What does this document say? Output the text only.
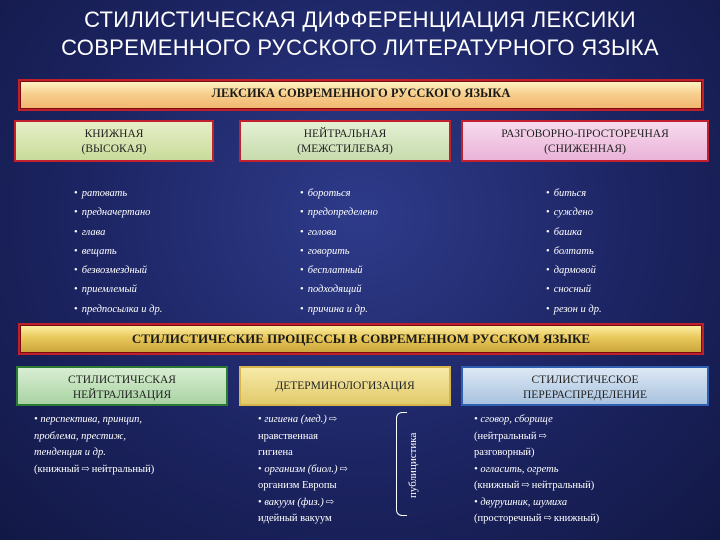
СТИЛИСТИЧЕСКАЯ ДИФФЕРЕНЦИАЦИЯ ЛЕКСИКИ
СОВРЕМЕННОГО РУССКОГО ЛИТЕРАТУРНОГО ЯЗЫКА
ЛЕКСИКА СОВРЕМЕННОГО РУССКОГО ЯЗЫКА
КНИЖНАЯ
(ВЫСОКАЯ)
НЕЙТРАЛЬНАЯ
(МЕЖСТИЛЕВАЯ)
РАЗГОВОРНО-ПРОСТОРЕЧНАЯ
(СНИЖЕННАЯ)
• ратовать
• предначертано
• глава
• вещать
• безвозмездный
• приемлемый
• предпосылка и др.
• бороться
• предопределено
• голова
• говорить
• бесплатный
• подходящий
• причина и др.
• биться
• суждено
• башка
• болтать
• дармовой
• сносный
• резон и др.
СТИЛИСТИЧЕСКИЕ ПРОЦЕССЫ В СОВРЕМЕННОМ РУССКОМ ЯЗЫКЕ
СТИЛИСТИЧЕСКАЯ
НЕЙТРАЛИЗАЦИЯ
ДЕТЕРМИНОЛОГИЗАЦИЯ	СТИЛИСТИЧЕСКОЕ
ПЕРЕРАСПРЕДЕЛЕНИЕ
• перспектива, принцип,
проблема, престиж,
тенденция и др.
(книжный ⇨ нейтральный)
• гигиена (мед.) ⇨
нравственная
гигиена
• организм (биол.) ⇨
организм Европы
• вакуум (физ.) ⇨
идейный вакуум
публицистика
• сговор, сборище
(нейтральный ⇨
разговорный)
• огласить, огреть
(книжный ⇨ нейтральный)
• двурушник, шумиха
(просторечный ⇨ книжный)
